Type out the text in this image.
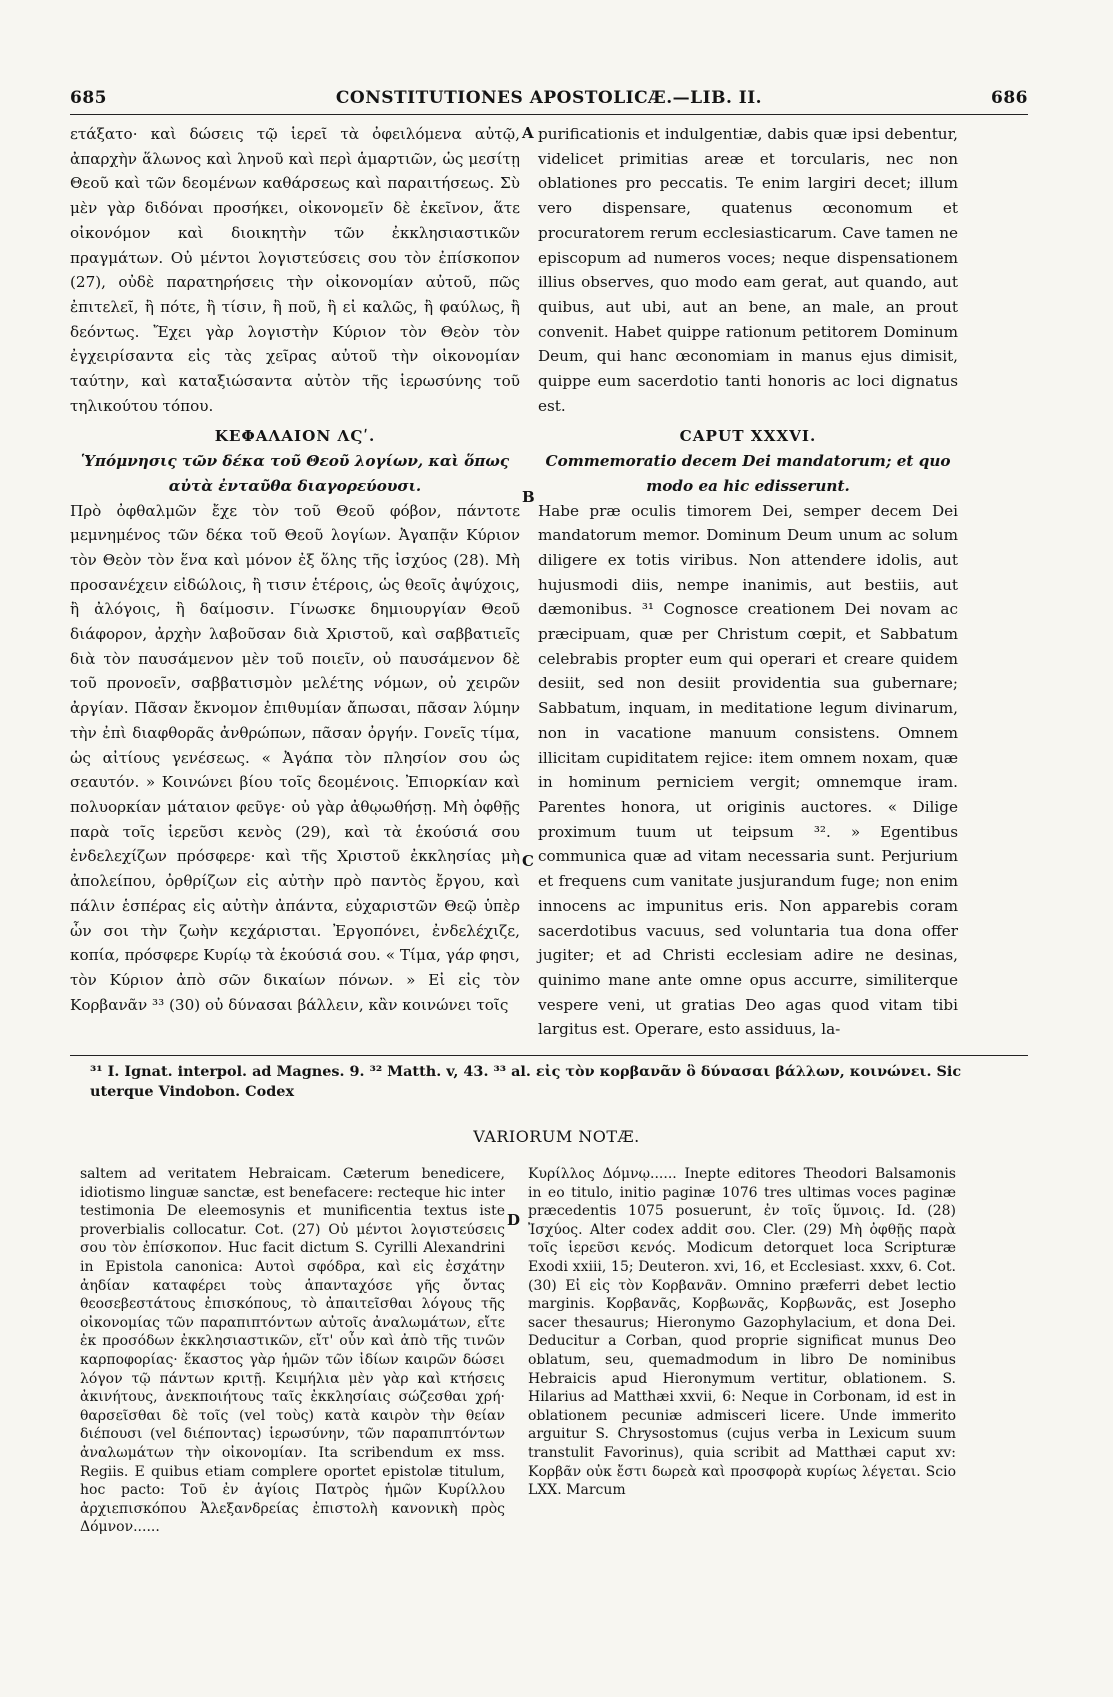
685	CONSTITUTIONES APOSTOLICÆ.—LIB. II.	686

ετάξατο· καὶ δώσεις τῷ ἱερεῖ τὰ ὀφειλόμενα αὐτῷ, ἀπαρχὴν ἅλωνος καὶ ληνοῦ καὶ περὶ ἁμαρτιῶν, ὡς μεσίτῃ Θεοῦ καὶ τῶν δεομένων καθάρσεως καὶ παραιτήσεως. Σὺ μὲν γὰρ διδόναι προσήκει, οἰκονομεῖν δὲ ἐκεῖνον, ἅτε οἰκονόμον καὶ διοικητὴν τῶν ἐκκλησιαστικῶν πραγμάτων. Οὐ μέντοι λογιστεύσεις σου τὸν ἐπίσκοπον (27), οὐδὲ παρατηρήσεις τὴν οἰκονομίαν αὐτοῦ, πῶς ἐπιτελεῖ, ἢ πότε, ἢ τίσιν, ἢ ποῦ, ἢ εἰ καλῶς, ἢ φαύλως, ἢ δεόντως. Ἔχει γὰρ λογιστὴν Κύριον τὸν Θεὸν τὸν ἐγχειρίσαντα εἰς τὰς χεῖρας αὐτοῦ τὴν οἰκονομίαν ταύτην, καὶ καταξιώσαντα αὐτὸν τῆς ἱερωσύνης τοῦ τηλικούτου τόπου.

ΚΕΦΑΛΑΙΟΝ ΛϚʹ.
Ὑπόμνησις τῶν δέκα τοῦ Θεοῦ λογίων, καὶ ὅπως αὐτὰ ἐνταῦθα διαγορεύουσι.

Πρὸ ὀφθαλμῶν ἔχε τὸν τοῦ Θεοῦ φόβον, πάντοτε μεμνημένος τῶν δέκα τοῦ Θεοῦ λογίων. Ἀγαπᾷν Κύριον τὸν Θεὸν τὸν ἕνα καὶ μόνον ἐξ ὅλης τῆς ἰσχύος (28). Μὴ προσανέχειν εἰδώλοις, ἢ τισιν ἑτέροις, ὡς θεοῖς ἀψύχοις, ἢ ἀλόγοις, ἢ δαίμοσιν. Γίνωσκε δημιουργίαν Θεοῦ διάφορον, ἀρχὴν λαβοῦσαν διὰ Χριστοῦ, καὶ σαββατιεῖς διὰ τὸν παυσάμενον μὲν τοῦ ποιεῖν, οὐ παυσάμενον δὲ τοῦ προνοεῖν, σαββατισμὸν μελέτης νόμων, οὐ χειρῶν ἀργίαν. Πᾶσαν ἔκνομον ἐπιθυμίαν ἄπωσαι, πᾶσαν λύμην τὴν ἐπὶ διαφθορᾶς ἀνθρώπων, πᾶσαν ὀργήν. Γονεῖς τίμα, ὡς αἰτίους γενέσεως. « Ἀγάπα τὸν πλησίον σου ὡς σεαυτόν. » Κοινώνει βίου τοῖς δεομένοις. Ἐπιορκίαν καὶ πολυορκίαν μάταιον φεῦγε· οὐ γὰρ ἀθῳωθήσῃ. Μὴ ὀφθῇς παρὰ τοῖς ἱερεῦσι κενὸς (29), καὶ τὰ ἑκούσιά σου ἐνδελεχίζων πρόσφερε· καὶ τῆς Χριστοῦ ἐκκλησίας μὴ ἀπολείπου, ὀρθρίζων εἰς αὐτὴν πρὸ παντὸς ἔργου, καὶ πάλιν ἑσπέρας εἰς αὐτὴν ἀπάντα, εὐχαριστῶν Θεῷ ὑπὲρ ὧν σοι τὴν ζωὴν κεχάρισται. Ἐργοπόνει, ἐνδελέχιζε, κοπία, πρόσφερε Κυρίῳ τὰ ἑκούσιά σου. « Τίμα, γάρ φησι, τὸν Κύριον ἀπὸ σῶν δικαίων πόνων. » Εἰ εἰς τὸν Κορβανᾶν ³³ (30) οὐ δύνασαι βάλλειν, κἂν κοινώνει τοῖς

purificationis et indulgentiæ, dabis quæ ipsi debentur, videlicet primitias areæ et torcularis, nec non oblationes pro peccatis. Te enim largiri decet; illum vero dispensare, quatenus œconomum et procuratorem rerum ecclesiasticarum. Cave tamen ne episcopum ad numeros voces; neque dispensationem illius observes, quo modo eam gerat, aut quando, aut quibus, aut ubi, aut an bene, an male, an prout convenit. Habet quippe rationum petitorem Dominum Deum, qui hanc œconomiam in manus ejus dimisit, quippe eum sacerdotio tanti honoris ac loci dignatus est.

CAPUT XXXVI.
Commemoratio decem Dei mandatorum; et quo modo ea hic edisserunt.

Habe præ oculis timorem Dei, semper decem Dei mandatorum memor. Dominum Deum unum ac solum diligere ex totis viribus. Non attendere idolis, aut hujusmodi diis, nempe inanimis, aut bestiis, aut dæmonibus. ³¹ Cognosce creationem Dei novam ac præcipuam, quæ per Christum cœpit, et Sabbatum celebrabis propter eum qui operari et creare quidem desiit, sed non desiit providentia sua gubernare; Sabbatum, inquam, in meditatione legum divinarum, non in vacatione manuum consistens. Omnem illicitam cupiditatem rejice: item omnem noxam, quæ in hominum perniciem vergit; omnemque iram. Parentes honora, ut originis auctores. « Dilige proximum tuum ut teipsum ³². » Egentibus communica quæ ad vitam necessaria sunt. Perjurium et frequens cum vanitate jusjurandum fuge; non enim innocens ac impunitus eris. Non apparebis coram sacerdotibus vacuus, sed voluntaria tua dona offer jugiter; et ad Christi ecclesiam adire ne desinas, quinimo mane ante omne opus accurre, similiterque vespere veni, ut gratias Deo agas quod vitam tibi largitus est. Operare, esto assiduus, la-

A
B
C
D
³¹ I. Ignat. interpol. ad Magnes. 9. ³² Matth. v, 43. ³³ al. εἰς τὸν κορβανᾶν ὃ δύνασαι βάλλων, κοινώνει. Sic uterque Vindobon. Codex
VARIORUM NOTÆ.

saltem ad veritatem Hebraicam. Cæterum benedicere, idiotismo linguæ sanctæ, est benefacere: recteque hic inter testimonia De eleemosynis et munificentia textus iste proverbialis collocatur. Cot. (27) Οὐ μέντοι λογιστεύσεις σου τὸν ἐπίσκοπον. Huc facit dictum S. Cyrilli Alexandrini in Epistola canonica: Αυτοὶ σφόδρα, καὶ εἰς ἐσχάτην ἀηδίαν καταφέρει τοὺς ἁπανταχόσε γῆς ὄντας θεοσεβεστάτους ἐπισκόπους, τὸ ἀπαιτεῖσθαι λόγους τῆς οἰκονομίας τῶν παραπιπτόντων αὐτοῖς ἀναλωμάτων, εἴτε ἐκ προσόδων ἐκκλησιαστικῶν, εἴτ' οὖν καὶ ἀπὸ τῆς τινῶν καρποφορίας· ἕκαστος γὰρ ἡμῶν τῶν ἰδίων καιρῶν δώσει λόγον τῷ πάντων κριτῇ. Κειμήλια μὲν γὰρ καὶ κτήσεις ἀκινήτους, ἀνεκποιήτους ταῖς ἐκκλησίαις σώζεσθαι χρή· θαρσεῖσθαι δὲ τοῖς (vel τοὺς) κατὰ καιρὸν τὴν θείαν διέπουσι (vel διέποντας) ἱερωσύνην, τῶν παραπιπτόντων ἀναλωμάτων τὴν οἰκονομίαν. Ita scribendum ex mss. Regiis. E quibus etiam complere oportet epistolæ titulum, hoc pacto: Τοῦ ἐν ἁγίοις Πατρὸς ἡμῶν Κυρίλλου ἀρχιεπισκόπου Ἀλεξανδρείας ἐπιστολὴ κανονικὴ πρὸς Δόμνον......

Κυρίλλος Δόμνῳ...... Inepte editores Theodori Balsamonis in eo titulo, initio paginæ 1076 tres ultimas voces paginæ præcedentis 1075 posuerunt, ἐν τοῖς ὕμνοις. Id. (28) Ἰσχύος. Alter codex addit σου. Cler. (29) Μὴ ὀφθῇς παρὰ τοῖς ἱερεῦσι κενός. Modicum detorquet loca Scripturæ Exodi xxiii, 15; Deuteron. xvi, 16, et Ecclesiast. xxxv, 6. Cot. (30) Εἰ εἰς τὸν Κορβανᾶν. Omnino præferri debet lectio marginis. Κορβανᾶς, Κορβωνᾶς, Κορβωνᾶς, est Josepho sacer thesaurus; Hieronymo Gazophylacium, et dona Dei. Deducitur a Corban, quod proprie significat munus Deo oblatum, seu, quemadmodum in libro De nominibus Hebraicis apud Hieronymum vertitur, oblationem. S. Hilarius ad Matthæi xxvii, 6: Neque in Corbonam, id est in oblationem pecuniæ admisceri licere. Unde immerito arguitur S. Chrysostomus (cujus verba in Lexicum suum transtulit Favorinus), quia scribit ad Matthæi caput xv: Κορβᾶν οὐκ ἔστι δωρεὰ καὶ προσφορὰ κυρίως λέγεται. Scio LXX. Marcum
